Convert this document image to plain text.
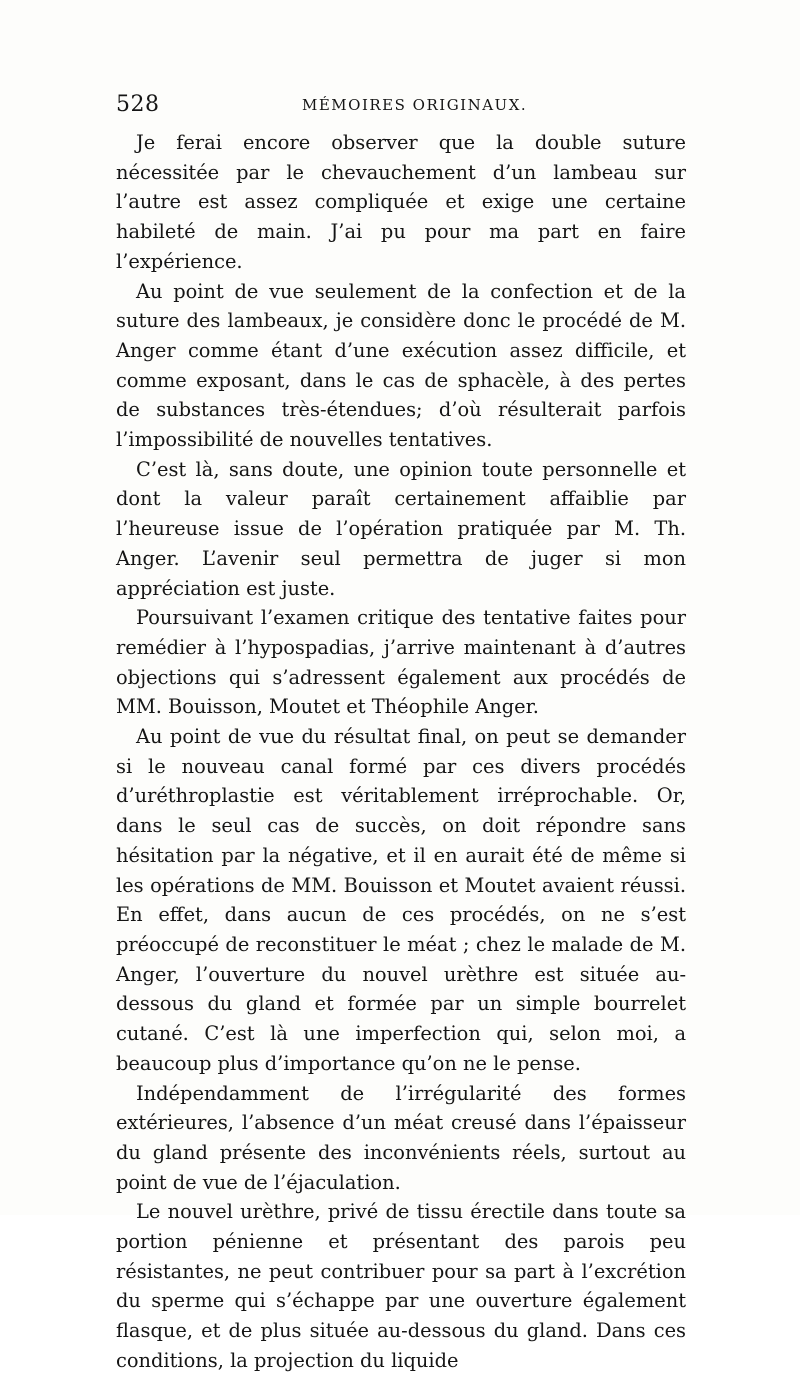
528	MÉMOIRES ORIGINAUX.

Je ferai encore observer que la double suture nécessitée par le chevauchement d’un lambeau sur l’autre est assez compliquée et exige une certaine habileté de main. J’ai pu pour ma part en faire l’expérience.

Au point de vue seulement de la confection et de la suture des lambeaux, je considère donc le procédé de M. Anger comme étant d’une exécution assez difficile, et comme exposant, dans le cas de sphacèle, à des pertes de substances très-étendues; d’où résulterait parfois l’impossibilité de nouvelles tentatives.

C’est là, sans doute, une opinion toute personnelle et dont la valeur paraît certainement affaiblie par l’heureuse issue de l’opération pratiquée par M. Th. Anger. L’avenir seul permettra de juger si mon appréciation est juste.

Poursuivant l’examen critique des tentative faites pour remédier à l’hypospadias, j’arrive maintenant à d’autres objections qui s’adressent également aux procédés de MM. Bouisson, Moutet et Théophile Anger.

Au point de vue du résultat final, on peut se demander si le nouveau canal formé par ces divers procédés d’uréthroplastie est véritablement irréprochable. Or, dans le seul cas de succès, on doit répondre sans hésitation par la négative, et il en aurait été de même si les opérations de MM. Bouisson et Moutet avaient réussi. En effet, dans aucun de ces procédés, on ne s’est préoccupé de reconstituer le méat ; chez le malade de M. Anger, l’ouverture du nouvel urèthre est située au-dessous du gland et formée par un simple bourrelet cutané. C’est là une imperfection qui, selon moi, a beaucoup plus d’importance qu’on ne le pense.

Indépendamment de l’irrégularité des formes extérieures, l’absence d’un méat creusé dans l’épaisseur du gland présente des inconvénients réels, surtout au point de vue de l’éjaculation.

Le nouvel urèthre, privé de tissu érectile dans toute sa portion pénienne et présentant des parois peu résistantes, ne peut contribuer pour sa part à l’excrétion du sperme qui s’échappe par une ouverture également flasque, et de plus située au-dessous du gland. Dans ces conditions, la projection du liquide
